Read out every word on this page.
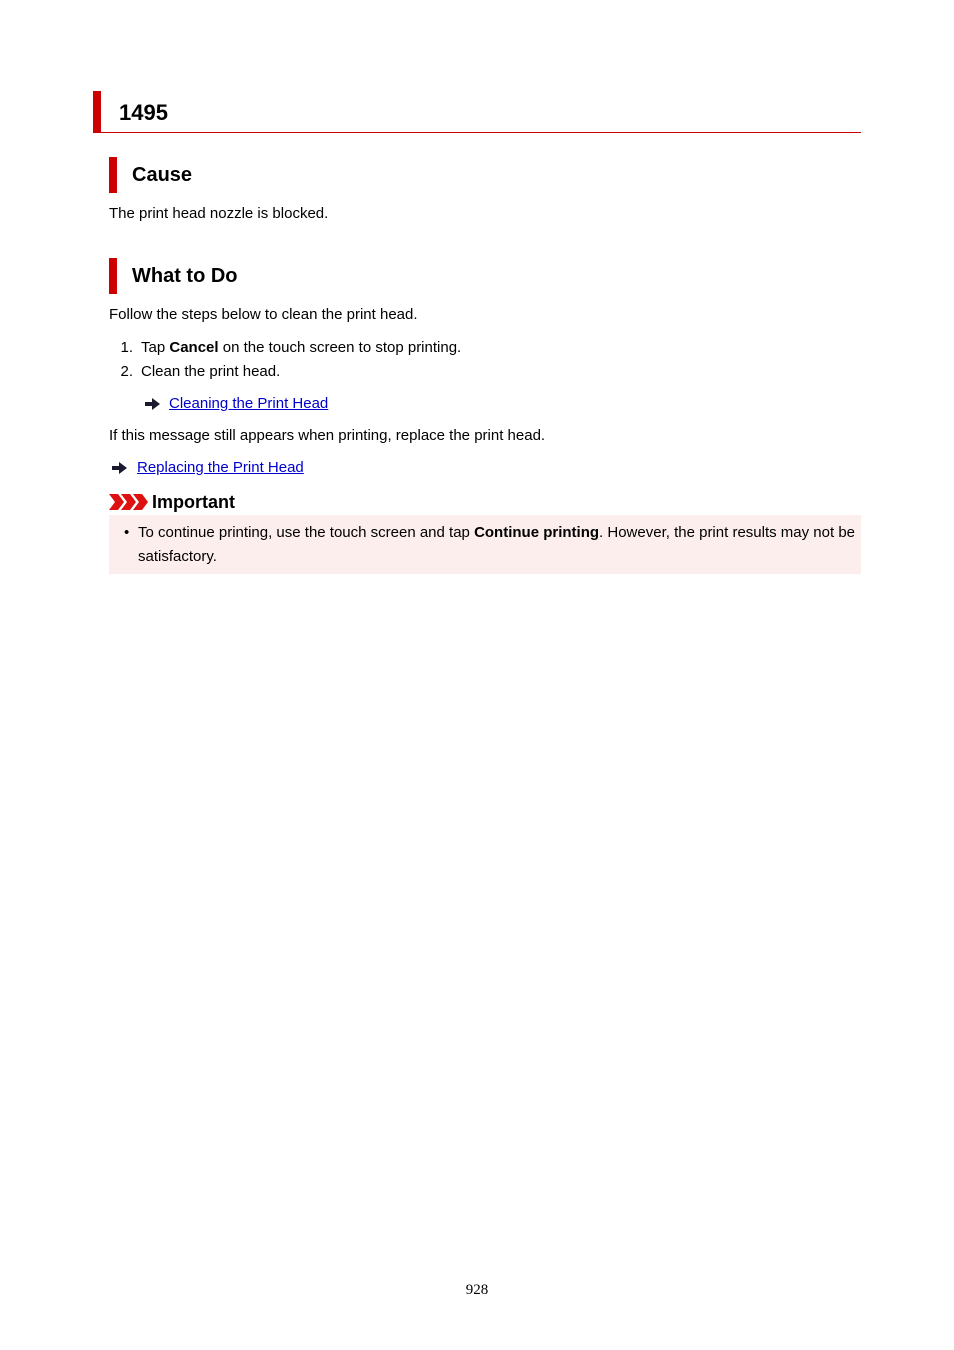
1495
Cause
The print head nozzle is blocked.
What to Do
Follow the steps below to clean the print head.
1. Tap Cancel on the touch screen to stop printing.
2. Clean the print head.
Cleaning the Print Head
If this message still appears when printing, replace the print head.
Replacing the Print Head
Important
• To continue printing, use the touch screen and tap Continue printing. However, the print results may not be satisfactory.
928
